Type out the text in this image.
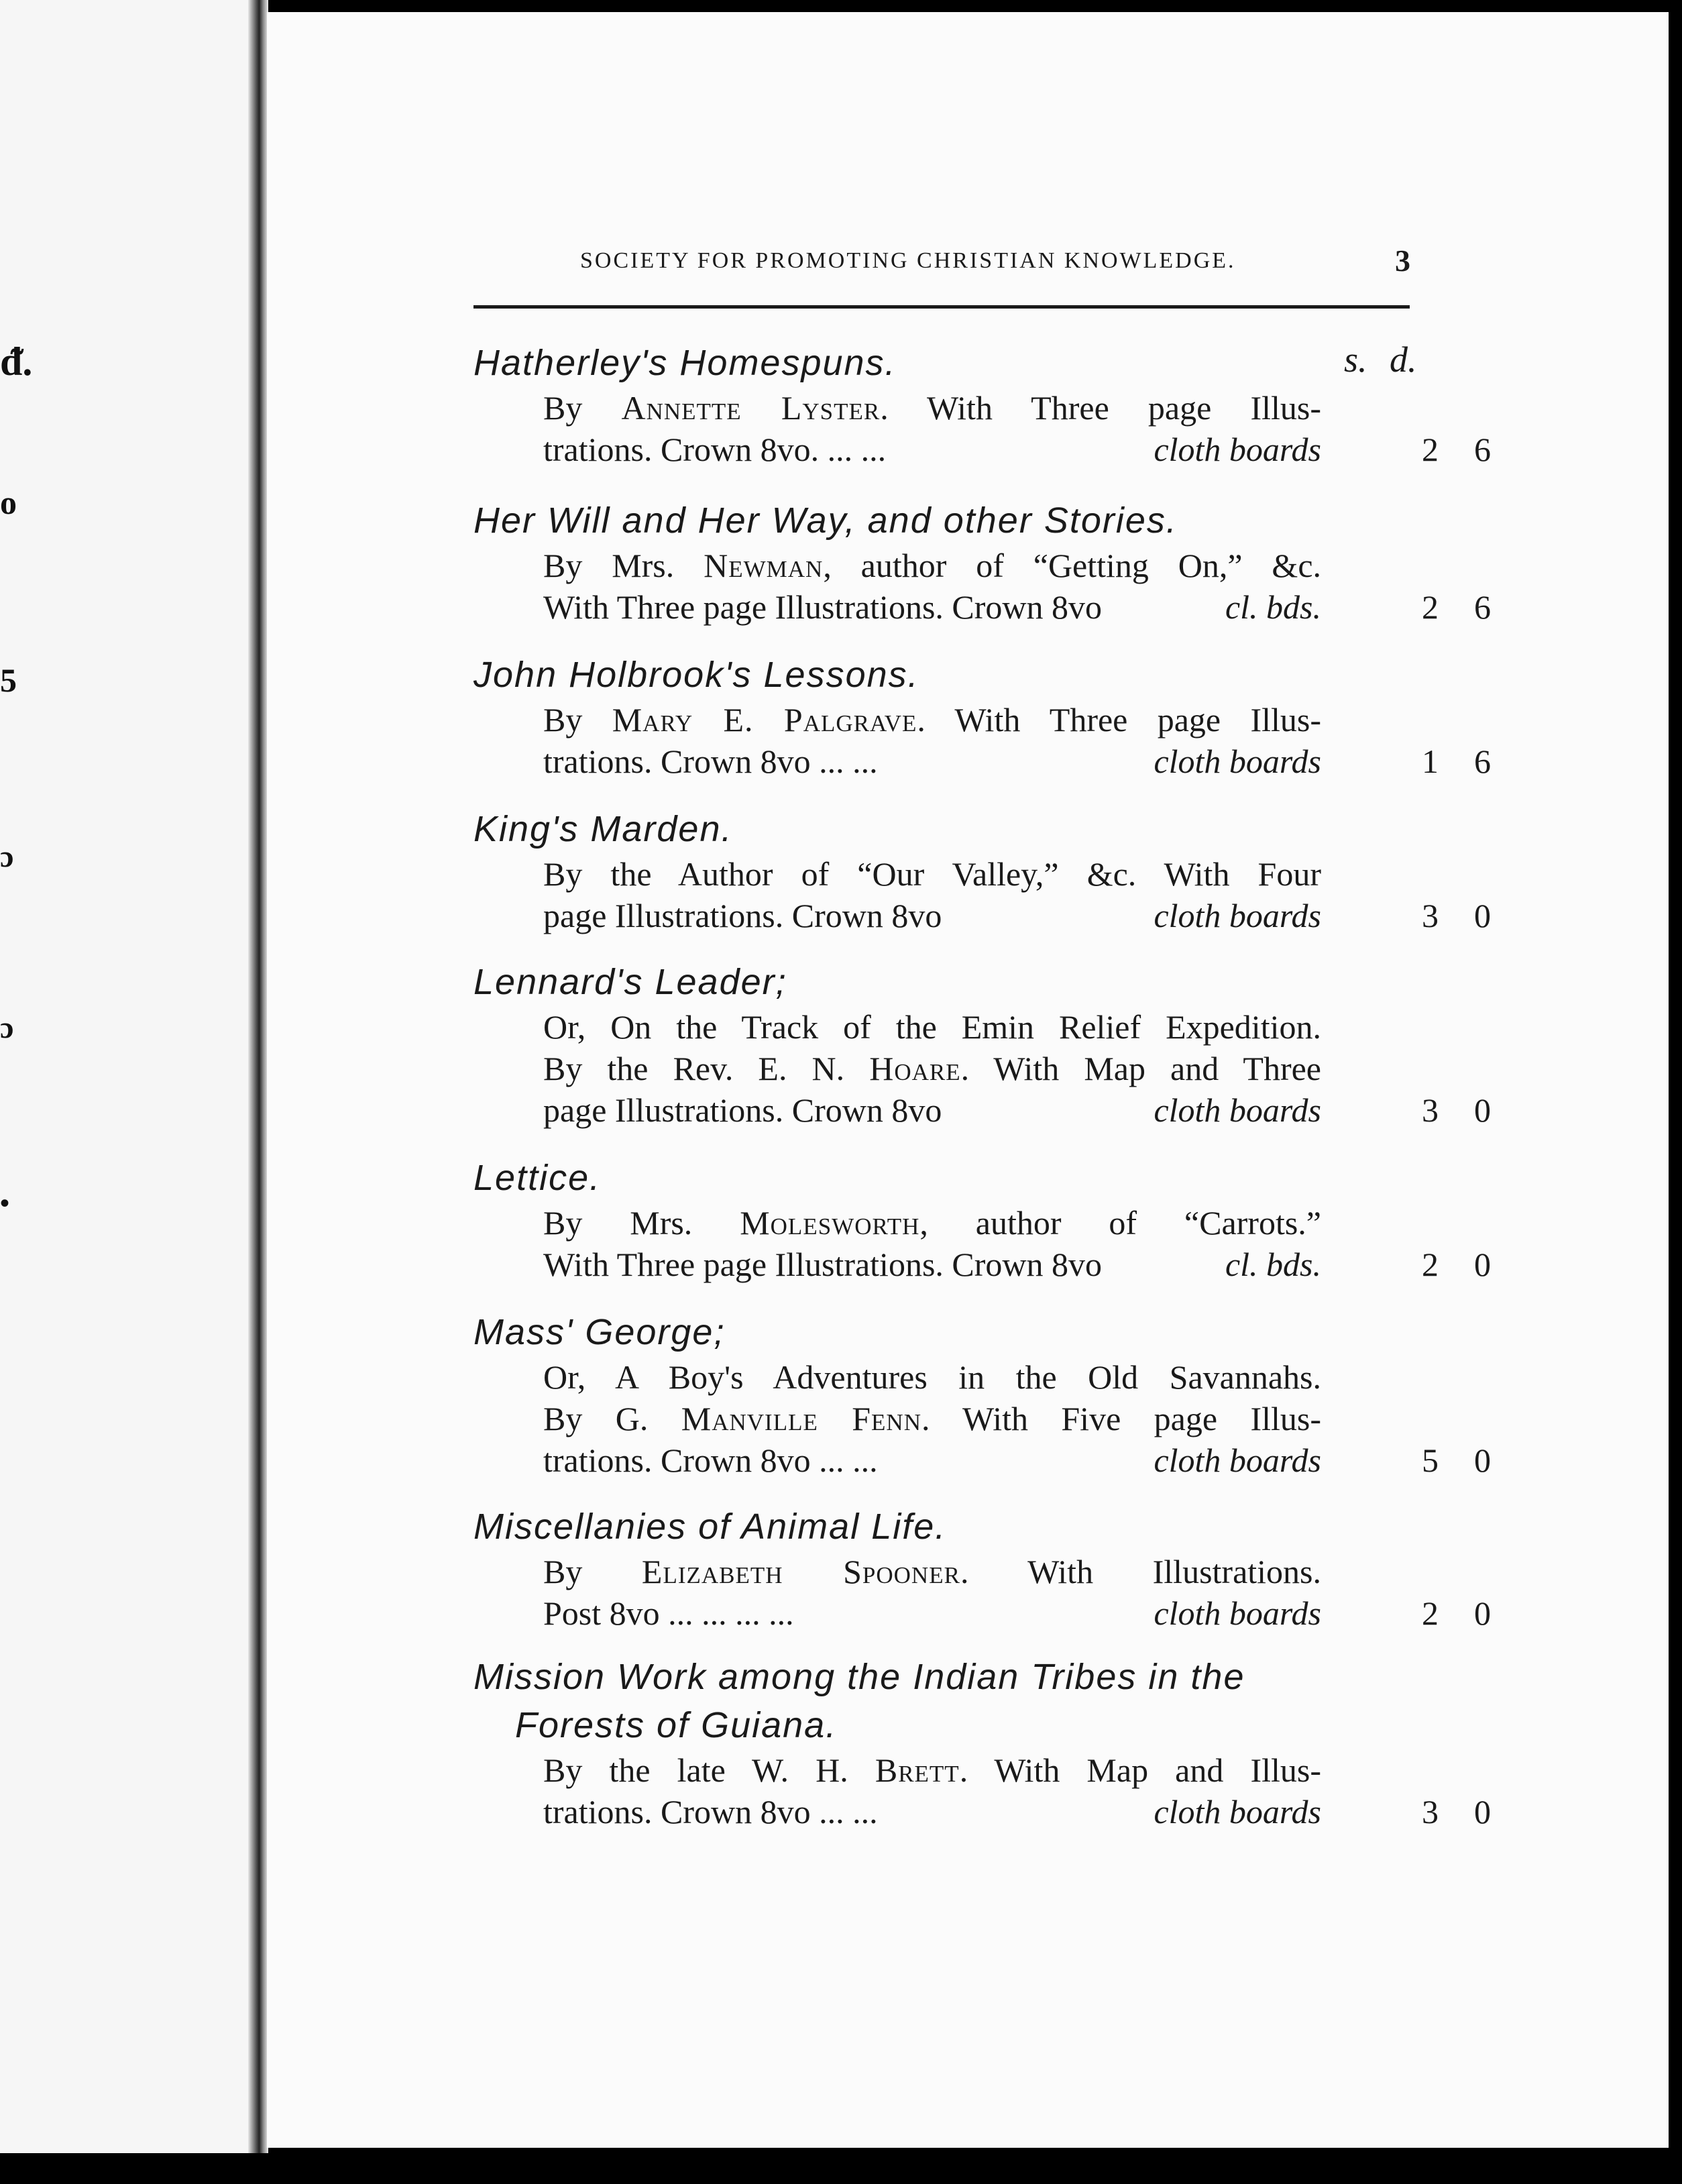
ᵭ.
o
5
ɔ
ɔ
•
SOCIETY FOR PROMOTING CHRISTIAN KNOWLEDGE.	3
s. d.
Hatherley's Homespuns.
By Annette Lyster. With Three page Illus-
trations. Crown 8vo. ... ...	cloth boards	2 6
Her Will and Her Way, and other Stories.
By Mrs. Newman, author of “Getting On,” &c.
With Three page Illustrations. Crown 8vo	cl. bds.	2 6
John Holbrook's Lessons.
By Mary E. Palgrave. With Three page Illus-
trations. Crown 8vo ... ...	cloth boards	1 6
King's Marden.
By the Author of “Our Valley,” &c. With Four
page Illustrations. Crown 8vo	cloth boards	3 0
Lennard's Leader;
Or, On the Track of the Emin Relief Expedition.
By the Rev. E. N. Hoare. With Map and Three
page Illustrations. Crown 8vo	cloth boards	3 0
Lettice.
By Mrs. Molesworth, author of “Carrots.”
With Three page Illustrations. Crown 8vo	cl. bds.	2 0
Mass' George;
Or, A Boy's Adventures in the Old Savannahs.
By G. Manville Fenn. With Five page Illus-
trations. Crown 8vo ... ...	cloth boards	5 0
Miscellanies of Animal Life.
By Elizabeth Spooner. With Illustrations.
Post 8vo ... ... ... ...	cloth boards	2 0
Mission Work among the Indian Tribes in the
Forests of Guiana.
By the late W. H. Brett. With Map and Illus-
trations. Crown 8vo ... ...	cloth boards	3 0
